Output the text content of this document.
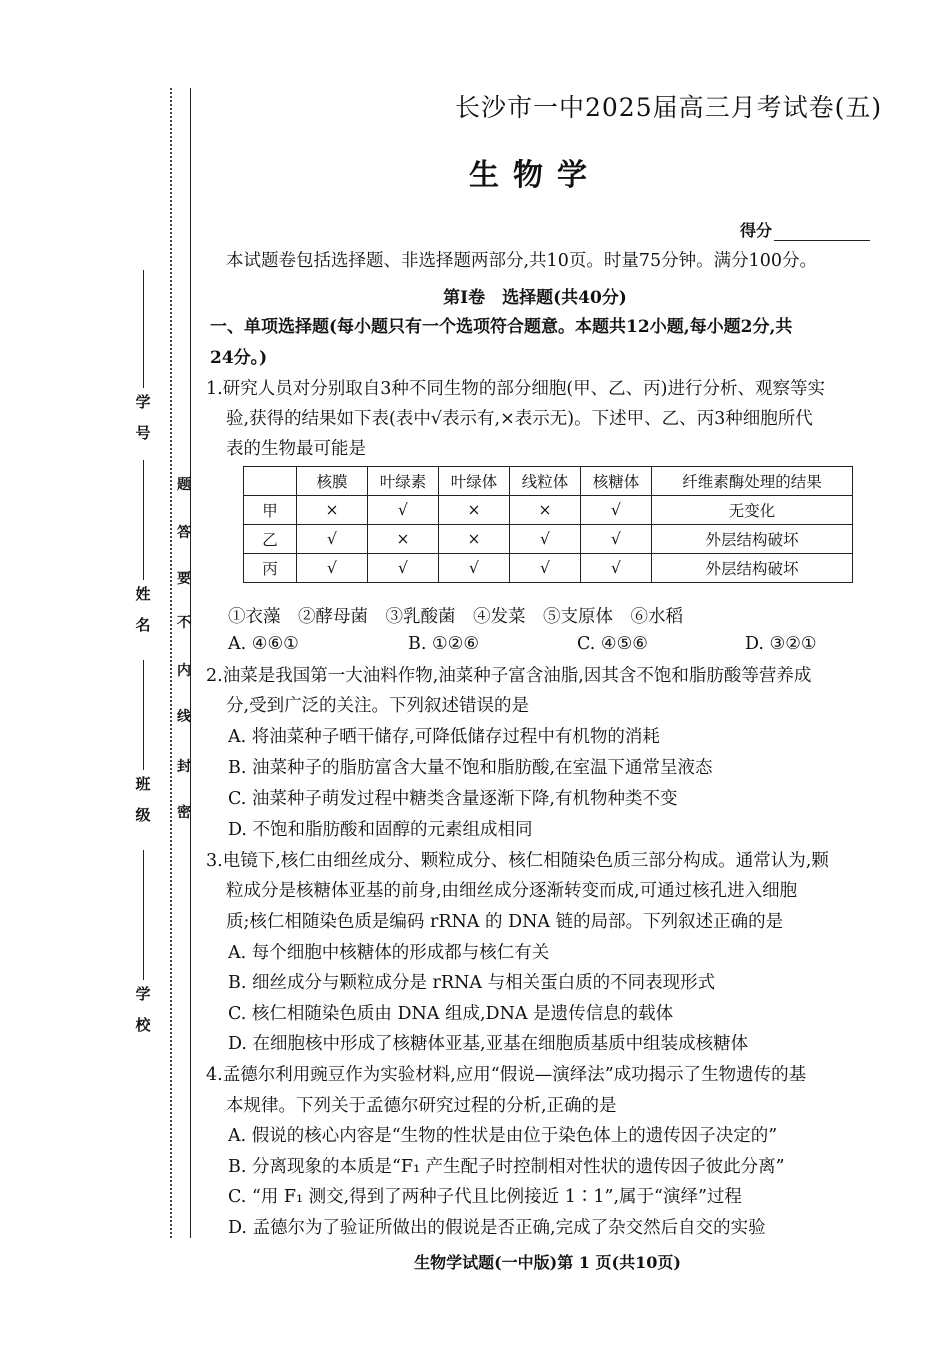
学号
姓名
班级
学校
题
答
要
不
内
线
封
密
长沙市一中2025届高三月考试卷(五)
生物学
得分
本试题卷包括选择题、非选择题两部分,共10页。时量75分钟。满分100分。
第Ⅰ卷　选择题(共40分)
一、单项选择题(每小题只有一个选项符合题意。本题共12小题,每小题2分,共
24分。)
1.研究人员对分别取自3种不同生物的部分细胞(甲、乙、丙)进行分析、观察等实
验,获得的结果如下表(表中√表示有,×表示无)。下述甲、乙、丙3种细胞所代
表的生物最可能是
	核膜	叶绿素	叶绿体	线粒体	核糖体	纤维素酶处理的结果
甲	×	√	×	×	√	无变化
乙	√	×	×	√	√	外层结构破坏
丙	√	√	√	√	√	外层结构破坏
①衣藻　②酵母菌　③乳酸菌　④发菜　⑤支原体　⑥水稻
A. ④⑥①	B. ①②⑥	C. ④⑤⑥	D. ③②①
2.油菜是我国第一大油料作物,油菜种子富含油脂,因其含不饱和脂肪酸等营养成
分,受到广泛的关注。下列叙述错误的是
A. 将油菜种子晒干储存,可降低储存过程中有机物的消耗
B. 油菜种子的脂肪富含大量不饱和脂肪酸,在室温下通常呈液态
C. 油菜种子萌发过程中糖类含量逐渐下降,有机物种类不变
D. 不饱和脂肪酸和固醇的元素组成相同
3.电镜下,核仁由细丝成分、颗粒成分、核仁相随染色质三部分构成。通常认为,颗
粒成分是核糖体亚基的前身,由细丝成分逐渐转变而成,可通过核孔进入细胞
质;核仁相随染色质是编码 rRNA 的 DNA 链的局部。下列叙述正确的是
A. 每个细胞中核糖体的形成都与核仁有关
B. 细丝成分与颗粒成分是 rRNA 与相关蛋白质的不同表现形式
C. 核仁相随染色质由 DNA 组成,DNA 是遗传信息的载体
D. 在细胞核中形成了核糖体亚基,亚基在细胞质基质中组装成核糖体
4.孟德尔利用豌豆作为实验材料,应用“假说—演绎法”成功揭示了生物遗传的基
本规律。下列关于孟德尔研究过程的分析,正确的是
A. 假说的核心内容是“生物的性状是由位于染色体上的遗传因子决定的”
B. 分离现象的本质是“F₁ 产生配子时控制相对性状的遗传因子彼此分离”
C. “用 F₁ 测交,得到了两种子代且比例接近 1∶1”,属于“演绎”过程
D. 孟德尔为了验证所做出的假说是否正确,完成了杂交然后自交的实验
生物学试题(一中版)第 1 页(共10页)
